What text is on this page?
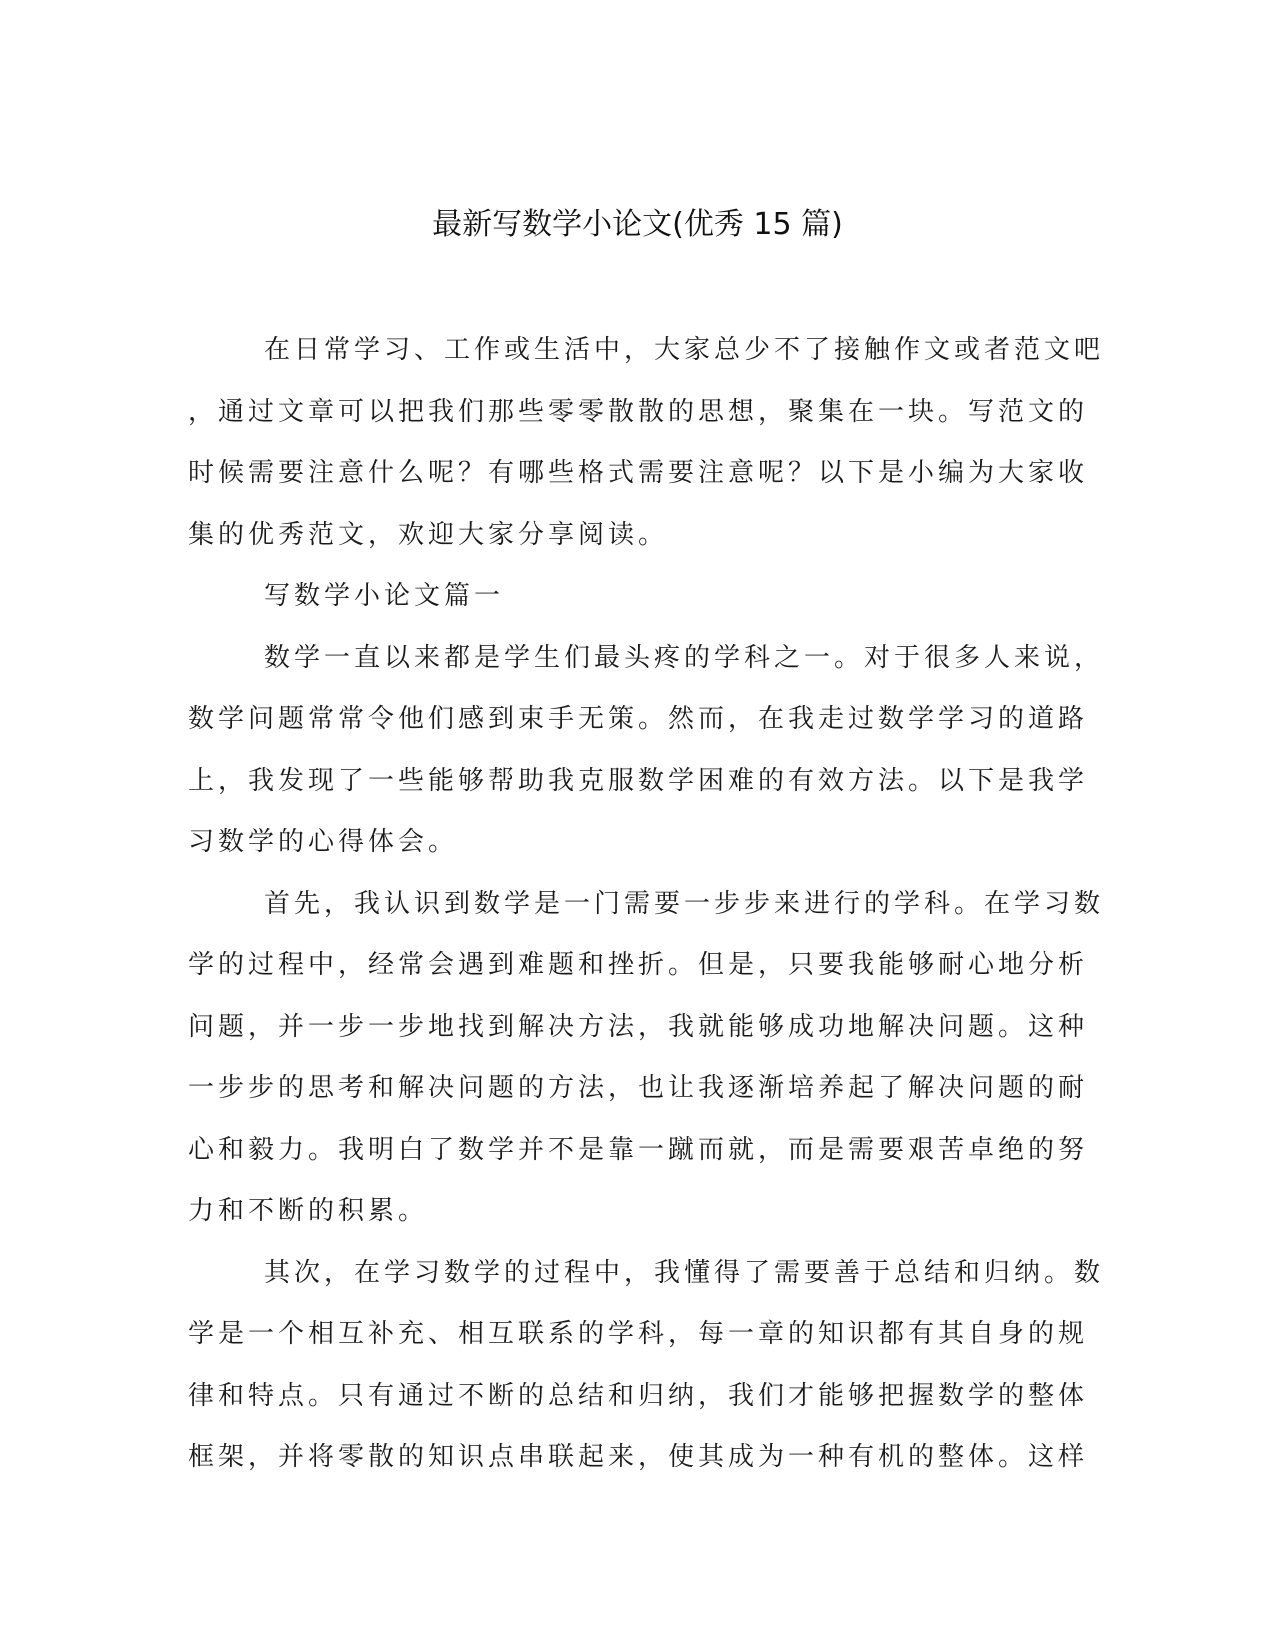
最新写数学小论文(优秀 15 篇)
在日常学习、工作或生活中，大家总少不了接触作文或者范文吧
，通过文章可以把我们那些零零散散的思想，聚集在一块。写范文的
时候需要注意什么呢？有哪些格式需要注意呢？以下是小编为大家收
集的优秀范文，欢迎大家分享阅读。
写数学小论文篇一
数学一直以来都是学生们最头疼的学科之一。对于很多人来说，
数学问题常常令他们感到束手无策。然而，在我走过数学学习的道路
上，我发现了一些能够帮助我克服数学困难的有效方法。以下是我学
习数学的心得体会。
首先，我认识到数学是一门需要一步步来进行的学科。在学习数
学的过程中，经常会遇到难题和挫折。但是，只要我能够耐心地分析
问题，并一步一步地找到解决方法，我就能够成功地解决问题。这种
一步步的思考和解决问题的方法，也让我逐渐培养起了解决问题的耐
心和毅力。我明白了数学并不是靠一蹴而就，而是需要艰苦卓绝的努
力和不断的积累。
其次，在学习数学的过程中，我懂得了需要善于总结和归纳。数
学是一个相互补充、相互联系的学科，每一章的知识都有其自身的规
律和特点。只有通过不断的总结和归纳，我们才能够把握数学的整体
框架，并将零散的知识点串联起来，使其成为一种有机的整体。这样
